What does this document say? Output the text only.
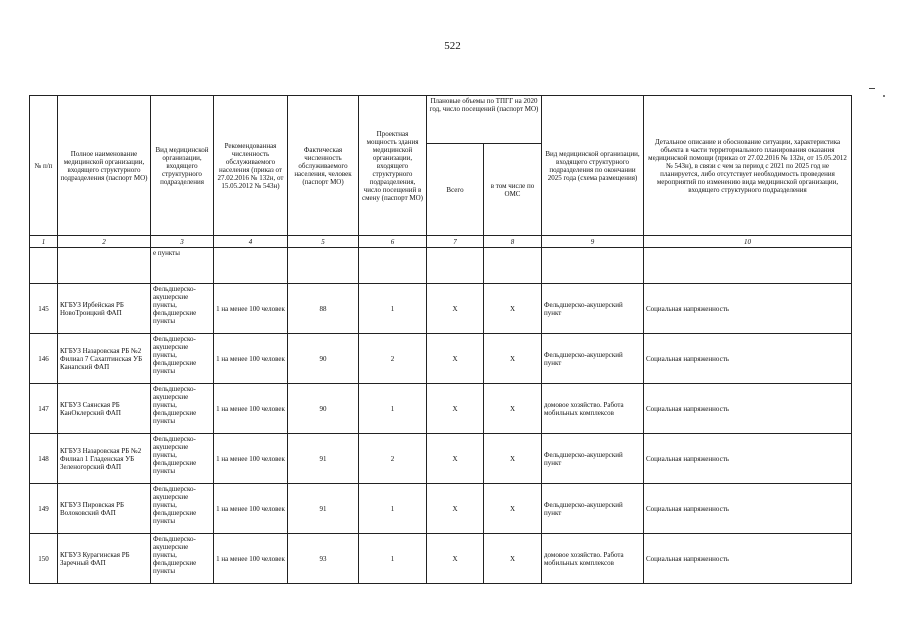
522
№ п/п	Полное наименование медицинской организации, входящего структурного подразделения (паспорт МО)	Вид медицинской организации, входящего структурного подразделения	Рекомендованная численность обслуживаемого населения (приказ от 27.02.2016 № 132н, от 15.05.2012 № 543н)	Фактическая численность обслуживаемого населения, человек (паспорт МО)	Проектная мощность здания медицинской организации, входящего структурного подразделения, число посещений в смену (паспорт МО)	Плановые объемы по ТПГГ на 2020 год, число посещений (паспорт МО)		Вид медицинской организации, входящего структурного подразделения по окончании 2025 года (схема размещения)	Детальное описание и обоснование ситуации, характеристика объекта в части территориального планирования оказания медицинской помощи (приказ от 27.02.2016 № 132н, от 15.05.2012 № 543н), в связи с чем за период с 2021 по 2025 год не планируется, либо отсутствует необходимость проведения мероприятий по изменению вида медицинской организации, входящего структурного подразделения
						Всего	в том числе по ОМС		
1	2	3	4	5	6	7	8	9	10
		е пункты							
145	КГБУЗ Ирбейская РБ НовоТроицкий ФАП	Фельдшерско-акушерские пункты, фельдшерские пункты	1 на менее 100 человек	88	1	X	X	Фельдшерско-акушерский пункт	Социальная напряженность
146	КГБУЗ Назаровская РБ №2 Филиал 7 Сахаптинская УБ Канапский ФАП	Фельдшерско-акушерские пункты, фельдшерские пункты	1 на менее 100 человек	90	2	X	X	Фельдшерско-акушерский пункт	Социальная напряженность
147	КГБУЗ Саянская РБ КанОклерский ФАП	Фельдшерско-акушерские пункты, фельдшерские пункты	1 на менее 100 человек	90	1	X	X	домовое хозяйство. Работа мобильных комплексов	Социальная напряженность
148	КГБУЗ Назаровская РБ №2 Филиал 1 Гладенская УБ Зеленогорский ФАП	Фельдшерско-акушерские пункты, фельдшерские пункты	1 на менее 100 человек	91	2	X	X	Фельдшерско-акушерский пункт	Социальная напряженность
149	КГБУЗ Пировская РБ Волоковский ФАП	Фельдшерско-акушерские пункты, фельдшерские пункты	1 на менее 100 человек	91	1	X	X	Фельдшерско-акушерский пункт	Социальная напряженность
150	КГБУЗ Курагинская РБ Заречный ФАП	Фельдшерско-акушерские пункты, фельдшерские пункты	1 на менее 100 человек	93	1	X	X	домовое хозяйство. Работа мобильных комплексов	Социальная напряженность
